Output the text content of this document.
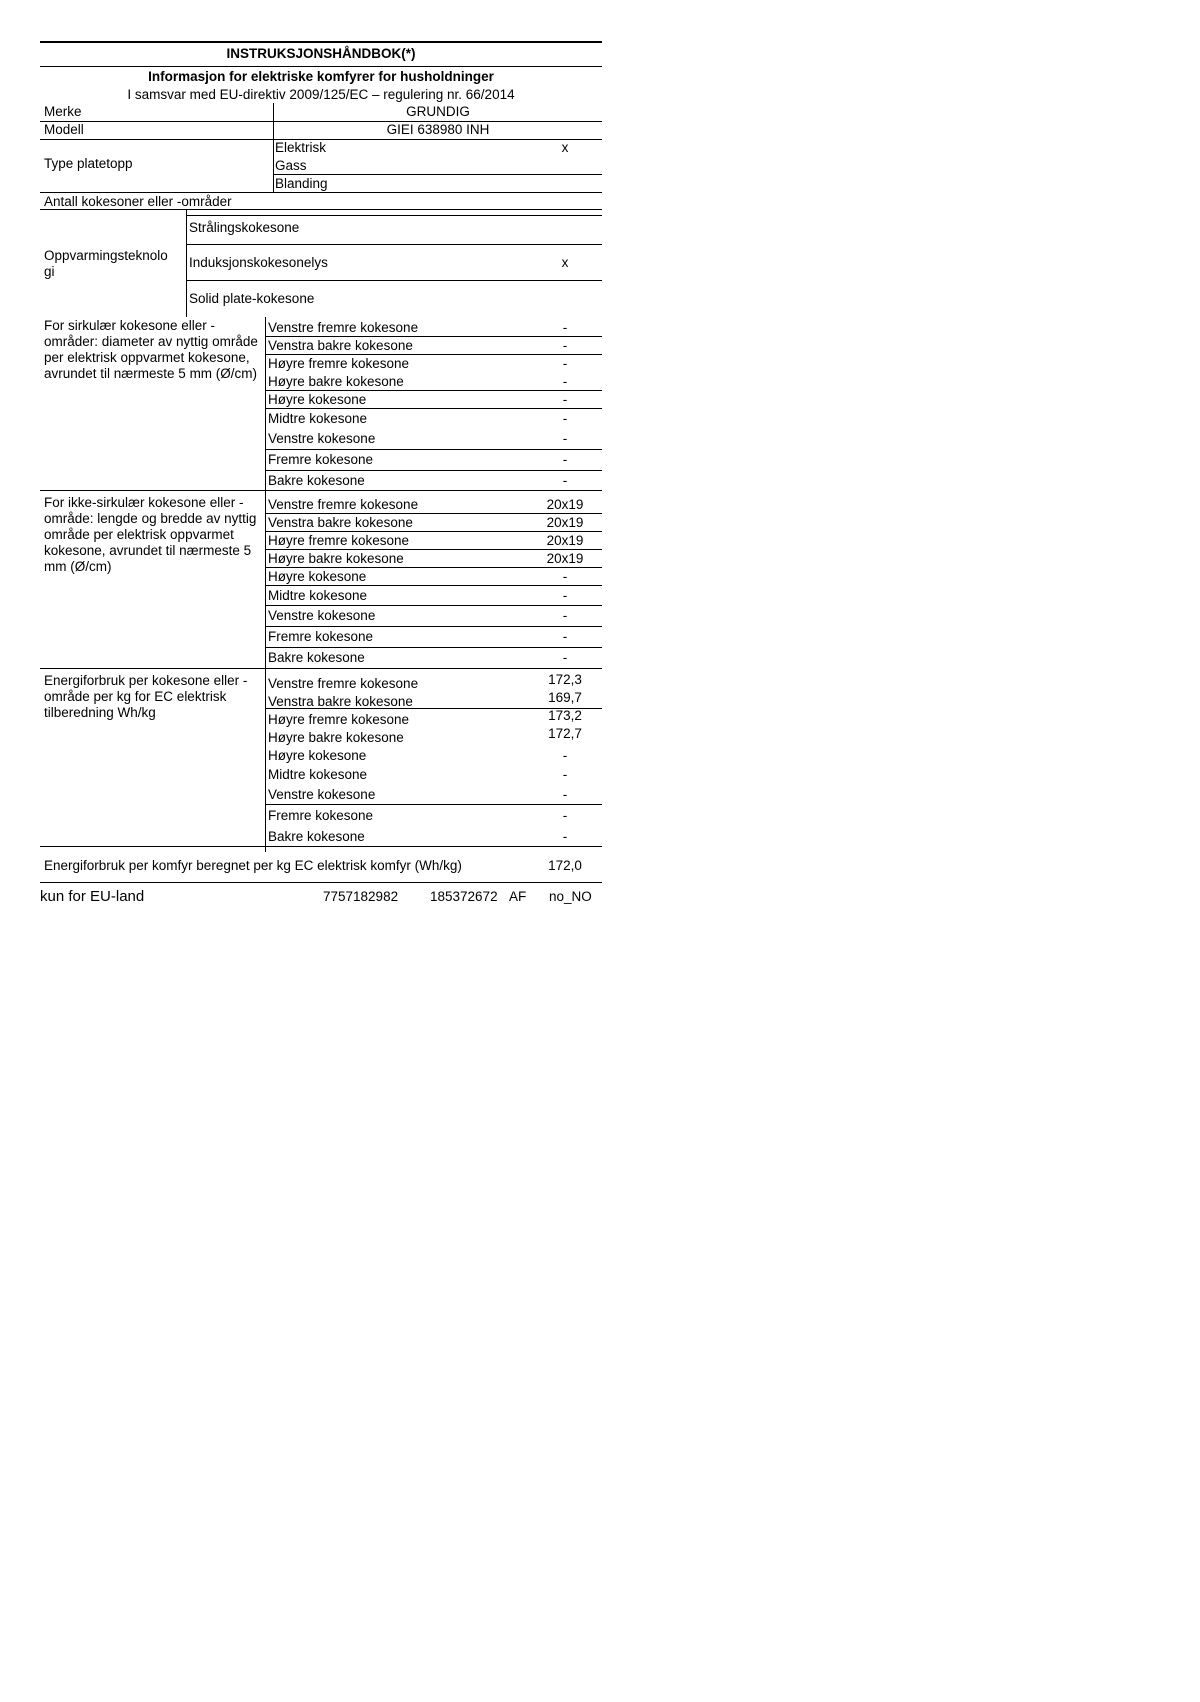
INSTRUKSJONSHÅNDBOK(*)
Informasjon for elektriske komfyrer for husholdninger
I samsvar med EU-direktiv 2009/125/EC – regulering nr. 66/2014
Merke	GRUNDIG
Modell	GIEI 638980 INH
Type platetopp
Elektrisk	x
Gass
Blanding
Antall kokesoner eller -områder
Oppvarmingsteknolo
gi
Strålingskokesone
Induksjonskokesonelys	x
Solid plate-kokesone
For sirkulær kokesone eller -områder: diameter av nyttig område per elektrisk oppvarmet kokesone, avrundet til nærmeste 5 mm (Ø/cm)
Venstre fremre kokesone	-
Venstra bakre kokesone	-
Høyre fremre kokesone	-
Høyre bakre kokesone	-
Høyre kokesone	-
Midtre kokesone	-
Venstre kokesone	-
Fremre kokesone	-
Bakre kokesone	-
For ikke-sirkulær kokesone eller -område: lengde og bredde av nyttig område per elektrisk oppvarmet kokesone, avrundet til nærmeste 5 mm (Ø/cm)
Venstre fremre kokesone	20x19
Venstra bakre kokesone	20x19
Høyre fremre kokesone	20x19
Høyre bakre kokesone	20x19
Høyre kokesone	-
Midtre kokesone	-
Venstre kokesone	-
Fremre kokesone	-
Bakre kokesone	-
Energiforbruk per kokesone eller -område per kg for EC elektrisk tilberedning Wh/kg
Venstre fremre kokesone	172,3
Venstra bakre kokesone	169,7
Høyre fremre kokesone	173,2
Høyre bakre kokesone	172,7
Høyre kokesone	-
Midtre kokesone	-
Venstre kokesone	-
Fremre kokesone	-
Bakre kokesone	-
Energiforbruk per komfyr beregnet per kg EC elektrisk komfyr (Wh/kg)	172,0
kun for EU-land	7757182982 185372672 AF no_NO
